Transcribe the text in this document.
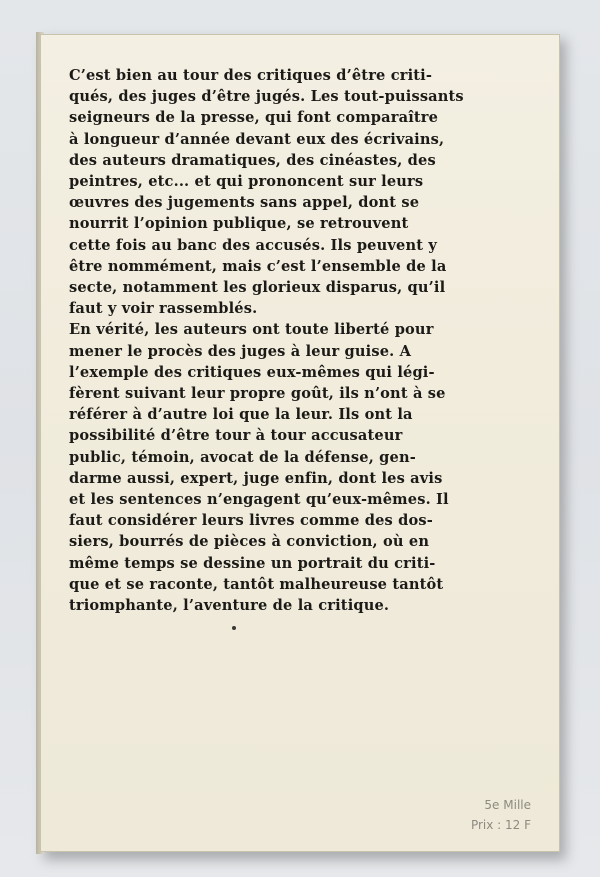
C’est bien au tour des critiques d’être criti-
qués, des juges d’être jugés. Les tout-puissants
seigneurs de la presse, qui font comparaître
à longueur d’année devant eux des écrivains,
des auteurs dramatiques, des cinéastes, des
peintres, etc... et qui prononcent sur leurs
œuvres des jugements sans appel, dont se
nourrit l’opinion publique, se retrouvent
cette fois au banc des accusés. Ils peuvent y
être nommément, mais c’est l’ensemble de la
secte, notamment les glorieux disparus, qu’il
faut y voir rassemblés.
En vérité, les auteurs ont toute liberté pour
mener le procès des juges à leur guise. A
l’exemple des critiques eux-mêmes qui légi-
fèrent suivant leur propre goût, ils n’ont à se
référer à d’autre loi que la leur. Ils ont la
possibilité d’être tour à tour accusateur
public, témoin, avocat de la défense, gen-
darme aussi, expert, juge enfin, dont les avis
et les sentences n’engagent qu’eux-mêmes. Il
faut considérer leurs livres comme des dos-
siers, bourrés de pièces à conviction, où en
même temps se dessine un portrait du criti-
que et se raconte, tantôt malheureuse tantôt
triomphante, l’aventure de la critique.
5e Mille
Prix : 12 F
